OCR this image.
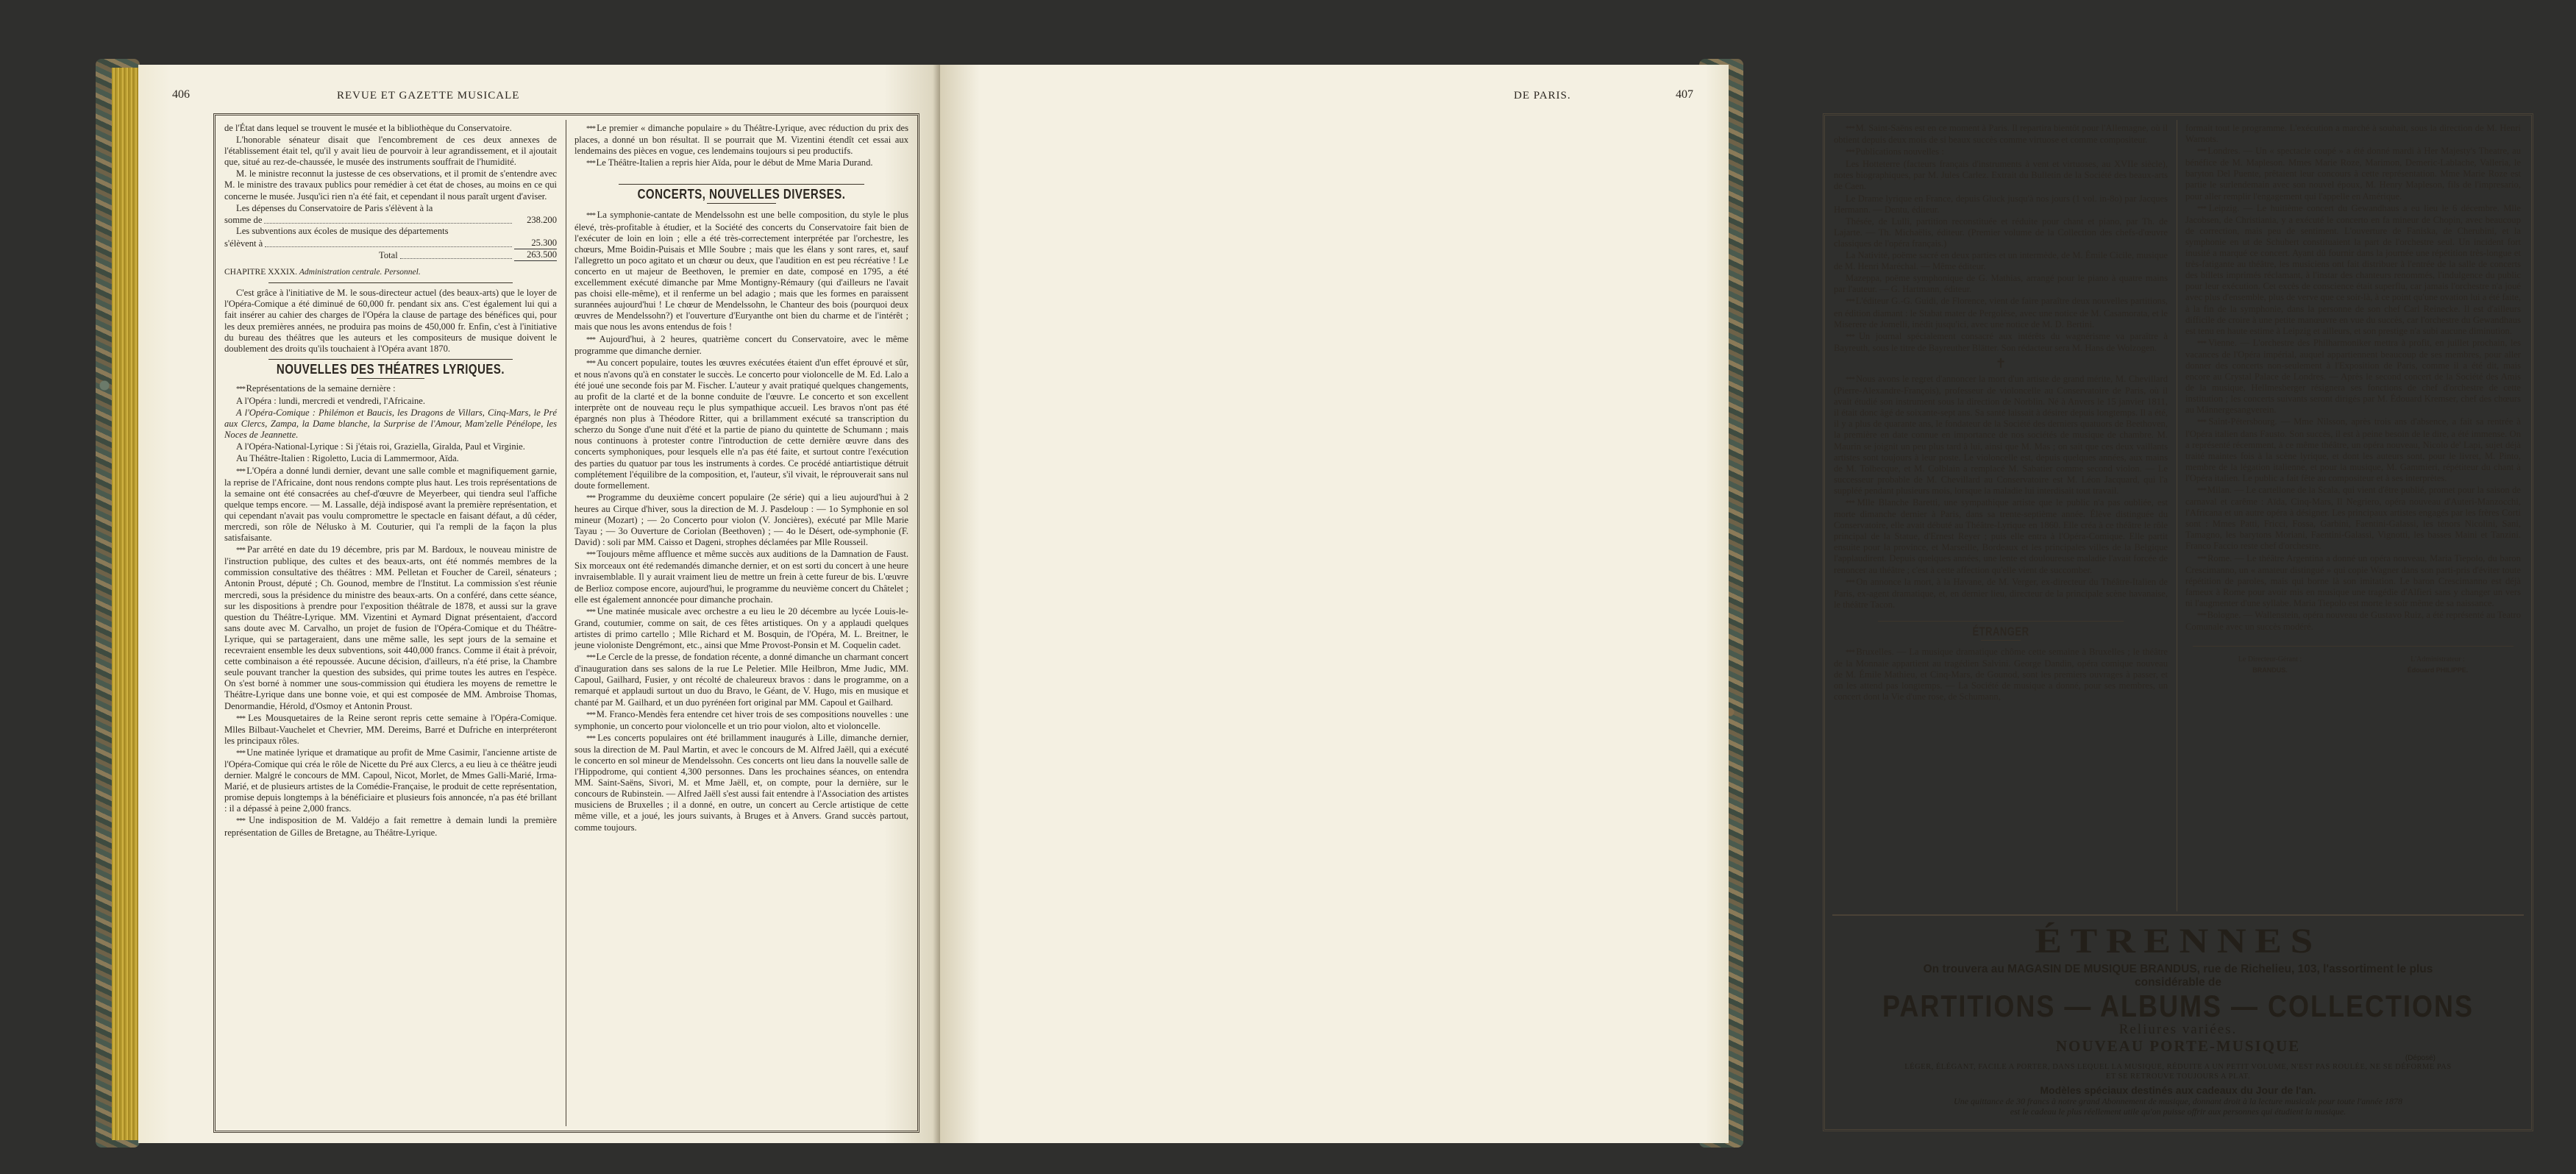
406	REVUE ET GAZETTE MUSICALE

de l'État dans lequel se trouvent le musée et la bibliothèque du Conservatoire.

L'honorable sénateur disait que l'encombrement de ces deux annexes de l'établissement était tel, qu'il y avait lieu de pourvoir à leur agrandissement, et il ajoutait que, situé au rez-de-chaussée, le musée des instruments souffrait de l'humidité.

M. le ministre reconnut la justesse de ces observations, et il promit de s'entendre avec M. le ministre des travaux publics pour remédier à cet état de choses, au moins en ce qui concerne le musée. Jusqu'ici rien n'a été fait, et cependant il nous paraît urgent d'aviser.

Les dépenses du Conservatoire de Paris s'élèvent à la

somme de	238.200

Les subventions aux écoles de musique des départements

s'élèvent à	25.300
Total	263.500

CHAPITRE XXXIX. Administration centrale. Personnel.

C'est grâce à l'initiative de M. le sous-directeur actuel (des beaux-arts) que le loyer de l'Opéra-Comique a été diminué de 60,000 fr. pendant six ans. C'est également lui qui a fait insérer au cahier des charges de l'Opéra la clause de partage des bénéfices qui, pour les deux premières années, ne produira pas moins de 450,000 fr. Enfin, c'est à l'initiative du bureau des théâtres que les auteurs et les compositeurs de musique doivent le doublement des droits qu'ils touchaient à l'Opéra avant 1870.

NOUVELLES DES THÉATRES LYRIQUES.

*** Représentations de la semaine dernière :

A l'Opéra : lundi, mercredi et vendredi, l'Africaine.

A l'Opéra-Comique : Philémon et Baucis, les Dragons de Villars, Cinq-Mars, le Pré aux Clercs, Zampa, la Dame blanche, la Surprise de l'Amour, Mam'zelle Pénélope, les Noces de Jeannette.

A l'Opéra-National-Lyrique : Si j'étais roi, Graziella, Giralda, Paul et Virginie.

Au Théâtre-Italien : Rigoletto, Lucia di Lammermoor, Aïda.

*** L'Opéra a donné lundi dernier, devant une salle comble et magnifiquement garnie, la reprise de l'Africaine, dont nous rendons compte plus haut. Les trois représentations de la semaine ont été consacrées au chef-d'œuvre de Meyerbeer, qui tiendra seul l'affiche quelque temps encore. — M. Lassalle, déjà indisposé avant la première représentation, et qui cependant n'avait pas voulu compromettre le spectacle en faisant défaut, a dû céder, mercredi, son rôle de Nélusko à M. Couturier, qui l'a rempli de la façon la plus satisfaisante.

*** Par arrêté en date du 19 décembre, pris par M. Bardoux, le nouveau ministre de l'instruction publique, des cultes et des beaux-arts, ont été nommés membres de la commission consultative des théâtres : MM. Pelletan et Foucher de Careil, sénateurs ; Antonin Proust, député ; Ch. Gounod, membre de l'Institut. La commission s'est réunie mercredi, sous la présidence du ministre des beaux-arts. On a conféré, dans cette séance, sur les dispositions à prendre pour l'exposition théâtrale de 1878, et aussi sur la grave question du Théâtre-Lyrique. MM. Vizentini et Aymard Dignat présentaient, d'accord sans doute avec M. Carvalho, un projet de fusion de l'Opéra-Comique et du Théâtre-Lyrique, qui se partageraient, dans une même salle, les sept jours de la semaine et recevraient ensemble les deux subventions, soit 440,000 francs. Comme il était à prévoir, cette combinaison a été repoussée. Aucune décision, d'ailleurs, n'a été prise, la Chambre seule pouvant trancher la question des subsides, qui prime toutes les autres en l'espèce. On s'est borné à nommer une sous-commission qui étudiera les moyens de remettre le Théâtre-Lyrique dans une bonne voie, et qui est composée de MM. Ambroise Thomas, Denormandie, Hérold, d'Osmoy et Antonin Proust.

*** Les Mousquetaires de la Reine seront repris cette semaine à l'Opéra-Comique. Mlles Bilbaut-Vauchelet et Chevrier, MM. Dereims, Barré et Dufriche en interpréteront les principaux rôles.

*** Une matinée lyrique et dramatique au profit de Mme Casimir, l'ancienne artiste de l'Opéra-Comique qui créa le rôle de Nicette du Pré aux Clercs, a eu lieu à ce théâtre jeudi dernier. Malgré le concours de MM. Capoul, Nicot, Morlet, de Mmes Galli-Marié, Irma-Marié, et de plusieurs artistes de la Comédie-Française, le produit de cette représentation, promise depuis longtemps à la bénéficiaire et plusieurs fois annoncée, n'a pas été brillant : il a dépassé à peine 2,000 francs.

*** Une indisposition de M. Valdéjo a fait remettre à demain lundi la première représentation de Gilles de Bretagne, au Théâtre-Lyrique.

*** Le premier « dimanche populaire » du Théâtre-Lyrique, avec réduction du prix des places, a donné un bon résultat. Il se pourrait que M. Vizentini étendît cet essai aux lendemains des pièces en vogue, ces lendemains toujours si peu productifs.

*** Le Théâtre-Italien a repris hier Aïda, pour le début de Mme Maria Durand.

CONCERTS, NOUVELLES DIVERSES.

*** La symphonie-cantate de Mendelssohn est une belle composition, du style le plus élevé, très-profitable à étudier, et la Société des concerts du Conservatoire fait bien de l'exécuter de loin en loin ; elle a été très-correctement interprétée par l'orchestre, les chœurs, Mme Boidin-Puisais et Mlle Soubre ; mais que les élans y sont rares, et, sauf l'allegretto un poco agitato et un chœur ou deux, que l'audition en est peu récréative ! Le concerto en ut majeur de Beethoven, le premier en date, composé en 1795, a été excellemment exécuté dimanche par Mme Montigny-Rémaury (qui d'ailleurs ne l'avait pas choisi elle-même), et il renferme un bel adagio ; mais que les formes en paraissent surannées aujourd'hui ! Le chœur de Mendelssohn, le Chanteur des bois (pourquoi deux œuvres de Mendelssohn?) et l'ouverture d'Euryanthe ont bien du charme et de l'intérêt ; mais que nous les avons entendus de fois !

*** Aujourd'hui, à 2 heures, quatrième concert du Conservatoire, avec le même programme que dimanche dernier.

*** Au concert populaire, toutes les œuvres exécutées étaient d'un effet éprouvé et sûr, et nous n'avons qu'à en constater le succès. Le concerto pour violoncelle de M. Ed. Lalo a été joué une seconde fois par M. Fischer. L'auteur y avait pratiqué quelques changements, au profit de la clarté et de la bonne conduite de l'œuvre. Le concerto et son excellent interprète ont de nouveau reçu le plus sympathique accueil. Les bravos n'ont pas été épargnés non plus à Théodore Ritter, qui a brillamment exécuté sa transcription du scherzo du Songe d'une nuit d'été et la partie de piano du quintette de Schumann ; mais nous continuons à protester contre l'introduction de cette dernière œuvre dans des concerts symphoniques, pour lesquels elle n'a pas été faite, et surtout contre l'exécution des parties du quatuor par tous les instruments à cordes. Ce procédé antiartistique détruit complétement l'équilibre de la composition, et, l'auteur, s'il vivait, le réprouverait sans nul doute formellement.

*** Programme du deuxième concert populaire (2e série) qui a lieu aujourd'hui à 2 heures au Cirque d'hiver, sous la direction de M. J. Pasdeloup : — 1o Symphonie en sol mineur (Mozart) ; — 2o Concerto pour violon (V. Joncières), exécuté par Mlle Marie Tayau ; — 3o Ouverture de Coriolan (Beethoven) ; — 4o le Désert, ode-symphonie (F. David) : soli par MM. Caisso et Dageni, strophes déclamées par Mlle Rousseil.

*** Toujours même affluence et même succès aux auditions de la Damnation de Faust. Six morceaux ont été redemandés dimanche dernier, et on est sorti du concert à une heure invraisemblable. Il y aurait vraiment lieu de mettre un frein à cette fureur de bis. L'œuvre de Berlioz compose encore, aujourd'hui, le programme du neuvième concert du Châtelet ; elle est également annoncée pour dimanche prochain.

*** Une matinée musicale avec orchestre a eu lieu le 20 décembre au lycée Louis-le-Grand, coutumier, comme on sait, de ces fêtes artistiques. On y a applaudi quelques artistes di primo cartello ; Mlle Richard et M. Bosquin, de l'Opéra, M. L. Breitner, le jeune violoniste Dengrémont, etc., ainsi que Mme Provost-Ponsin et M. Coquelin cadet.

*** Le Cercle de la presse, de fondation récente, a donné dimanche un charmant concert d'inauguration dans ses salons de la rue Le Peletier. Mlle Heilbron, Mme Judic, MM. Capoul, Gailhard, Fusier, y ont récolté de chaleureux bravos : dans le programme, on a remarqué et applaudi surtout un duo du Bravo, le Géant, de V. Hugo, mis en musique et chanté par M. Gailhard, et un duo pyrénéen fort original par MM. Capoul et Gailhard.

*** M. Franco-Mendès fera entendre cet hiver trois de ses compositions nouvelles : une symphonie, un concerto pour violoncelle et un trio pour violon, alto et violoncelle.

*** Les concerts populaires ont été brillamment inaugurés à Lille, dimanche dernier, sous la direction de M. Paul Martin, et avec le concours de M. Alfred Jaëll, qui a exécuté le concerto en sol mineur de Mendelssohn. Ces concerts ont lieu dans la nouvelle salle de l'Hippodrome, qui contient 4,300 personnes. Dans les prochaines séances, on entendra MM. Saint-Saëns, Sivori, M. et Mme Jaëll, et, on compte, pour la dernière, sur le concours de Rubinstein. — Alfred Jaëll s'est aussi fait entendre à l'Association des artistes musiciens de Bruxelles ; il a donné, en outre, un concert au Cercle artistique de cette même ville, et a joué, les jours suivants, à Bruges et à Anvers. Grand succès partout, comme toujours.

DE PARIS.	407

*** M. Saint-Saëns est en ce moment à Paris. Il repartira bientôt pour l'Allemagne, où il obtient depuis deux mois de si beaux succès comme virtuose et comme compositeur.

*** Publications nouvelles :

Les Hotteterre (facteurs français d'instruments à vent et virtuoses, au XVIIe siècle), notes biographiques, par M. Jules Carlez. Extrait du Bulletin de la Société des beaux-arts de Caen.

Le Drame lyrique en France, depuis Gluck jusqu'à nos jours (1 vol. in-8o) par Jacques Hermann. — Dentu, éditeur.

Thésée, de Lulli, partition reconstituée et réduite pour chant et piano, par Th. de Lajarte. — Th. Michaëlis, éditeur. (Premier volume de la Collection des chefs-d'œuvre classiques de l'opéra français.)

La Nativité, poëme sacré en deux parties et un intermède, de M. Émile Cicile, musique de M. Henri Maréchal. — Même éditeur.

Mazeppa, poëme symphonique de G. Mathias, arrangé pour le piano à quatre mains par l'auteur. — G. Hartmann, éditeur.

*** L'éditeur G.-G. Guidi, de Florence, vient de faire paraître deux nouvelles partitions, en édition diamant : le Stabat mater de Pergolèse, avec une notice de M. Casamorata, et le Miserere de Jomelli, inédit jusqu'ici, avec une notice de M. D. Bertini.

*** Un journal spécialement consacré aux intérêts du wagnérisme va paraître à Bayreuth, sous le titre de Bayreuther Blätter. Son rédacteur sera M. Hans de Wolzogen.

✝

*** Nous avons le regret d'annoncer la mort d'un artiste de grand mérite, M. Chevillard (Pierre-Alexandre-François), professeur de violoncelle au Conservatoire de Paris, où il avait étudié son instrument sous la direction de Norblin. Né à Anvers le 15 janvier 1811, il était donc âgé de soixante-sept ans. Sa santé laissait à désirer depuis longtemps. Il a été, il y a plus de quarante ans, le fondateur de la Société des derniers quatuors de Beethoven, la première en date connue en importance de nos sociétés de musique de chambre. M. Maurin se joignit un peu plus tard à lui, ainsi que M. Mas ; on sait que ces deux vaillants artistes sont toujours à leur poste. Le violoncelle est, depuis quelques années, aux mains de M. Tolbecque, et M. Colblain a remplacé M. Sabatier comme second violon. — Le successeur probable de M. Chevillard au Conservatoire est M. Léon Jacquard, qui l'a suppléé pendant plusieurs mois, lorsque la maladie lui interdisait tout travail.

*** Mlle Blanche Baretti, une sympathique artiste que le public n'a pas oubliée, est morte dimanche dernier à Paris, dans sa trente-septième année. Élève distinguée du Conservatoire, elle avait débuté au Théâtre-Lyrique en 1860. Elle créa à ce théâtre le rôle principal de la Statue, d'Ernest Reyer ; puis elle entra à l'Opéra-Comique. Elle partit ensuite pour la province, et Marseille, Bordeaux et les principales villes de la Belgique l'applaudirent. Depuis quelques années, une lente et douloureuse maladie l'avait forcée de renoncer au théâtre ; c'est à cette affection qu'elle vient de succomber.

*** On annonce la mort, à la Havane, de M. Verger, ex-directeur du Théâtre-Italien de Paris, ex-agent dramatique, et, en dernier lieu, directeur de la principale scène havanaise, le théâtre Tacon.

ÉTRANGER

*** Bruxelles. — La musique dramatique chôme cette semaine à Bruxelles ; le théâtre de la Monnaie appartient au tragédien Salvini. George Dandin, opéra comique nouveau de M. Émile Mathieu, et Cinq-Mars, de Gounod, sont les premiers ouvrages à passer, et on les attend pas longtemps. — La Société de musique a donné, pour ses membres, un concert dont la Vie d'une rose, de Schumann,

formait tout le programme. L'exécution a marché à souhait, sous la direction de M. Henri Warnots.

*** Londres. — Un « spectacle coupé » a été donné mardi à Her Majesty's Theatre, au bénéfice de M. Mapleson. Mmes Marie Roze, Marimon, Demeric-Lablache, Valleria, le baryton Del Puente, prêtaient leur concours à cette représentation. Mme Marie Roze est partie le surlendemain avec son nouvel époux, M. Henry Mapleson, fils de l'impresario, pour aller remplir l'engagement qui l'appelle en Amérique.

*** Leipzig. — Le huitième concert du Gewandhaus a eu lieu le 6 décembre. Mlle Jacobsen, de Christiania, y a exécuté le concerto en fa mineur de Chopin, avec beaucoup de correction, mais peu de sentiment. L'ouverture de Faniska, de Cherubini, et la symphonie en ut de Schubert constituaient la part de l'orchestre seul. Un incident fort inusité a marqué ce concert. Ayant dû fournir dans la journée une répétition très-longue et très-fatigante au théâtre, les musiciens ont fait distribuer à l'entrée de la salle de concerts des billets imprimés réclamant, à l'instar des chanteurs renommés, l'indulgence du public pour leur exécution. Cet excès de conscience était superflu, car jamais l'orchestre n'a joué avec plus d'ensemble, plus de verve que ce soir-là, à ce point qu'une ovation lui a été faite, à la fin de la symphonie, dans la personne de son chef Carl Reinecke. Il est d'ailleurs difficile de croire à une petite manœuvre en vue du succès, car l'orchestre du Gewandhaus est tenu en haute estime à Leipzig et ailleurs, et son prestige n'a subi aucune diminution.

*** Vienne. — L'orchestre des Philharmoniker mettra à profit, en juillet prochain, les vacances de l'Opéra impérial, auquel appartiennent beaucoup de ses membres, pour aller donner des concerts non-seulement à l'Exposition de Paris, comme il a été dit, mais encore au Crystal Palace de Londres. — Après le second concert de la Société des Amis de la musique, Hellmesberger résignera ses fonctions de chef d'orchestre de cette institution ; les concerts suivants seront dirigés par M. Édouard Kremser, chef des chœurs au Männergesangverein.

*** Saint-Pétersbourg. — Mme Nilsson, après trois ans d'absence, a fait sa rentrée à l'Opéra italien dans Fausto. Son succès, il est à peine besoin de le dire, a été immense. On a représenté récemment, à ce même théâtre, un opéra nouveau, Nicolo de' Lapi, sujet déjà traité maintes fois à la scène lyrique, et dont les auteurs sont, pour le livret, M. Pinto, membre de la légation italienne, et pour la musique, M. Gammieri, répétiteur du chant à l'Opéra italien. Le public a fait fête au compositeur et à ses interprètes.

*** Milan. — Le cartellone de la Scala, qui vient d'être publié, promet pour la saison de carnaval et carême : Aïda, Cinq-Mars, Il Negriero, opéra nouveau d'Auteri-Manzocchi, l'Africana et un autre opéra à désigner. Les principaux artistes engagés par les frères Corti sont : Mmes Patti, Fricci, Fossa, Garbini, Faentini-Galassi, les ténors Nicolini, Sani, Tamagno, les barytons Moriani, Faentini-Galassi, Vignotti, les basses Maini et Tanzini. Franco Faccio reste chef d'orchestre.

*** Rome. — Le théâtre Argentina a donné un opéra nouveau, Maria Tiepolo, du baron Crescimanno, un « amateur distingué » qui copie Wagner dans son parti-pris d'éviter toute répétition de paroles, mais qui borne là son imitation. Le baron Crescimanno est déjà fameux à Rome pour avoir mis en musique une tragédie d'Alfieri sans y changer un vers ni l'augmenter d'une syllabe. Maria Tiepolo est morte le soir même de sa naissance.

*** Bologne. — Wallenstein, opéra nouveau de Gustavo Ruiz, a été représenté au Teatro Comunale avec un succès modéré.

Le Directeur-Gérant :
BRANDUS.
L'Administrateur :
Édouard PHILIPPE.
ÉTRENNES
On trouvera au MAGASIN DE MUSIQUE BRANDUS, rue de Richelieu, 103, l'assortiment le plus
considérable de
PARTITIONS — ALBUMS — COLLECTIONS
Reliures variées.
NOUVEAU PORTE-MUSIQUE
(Déposé)
LÉGER, ÉLÉGANT, FACILE A PORTER, DANS LEQUEL LA MUSIQUE, RÉDUITE A UN PETIT VOLUME, N'EST PAS ROULÉE, NE SE DÉFORME PAS
ET SE RETROUVE TOUJOURS A PLAT.
Modèles spéciaux destinés aux cadeaux du Jour de l'an.
Une quittance de 30 francs à notre grand Abonnement de musique, donnant droit à la lecture musicale pour toute l'année 1878
est le cadeau le plus réellement utile qu'on puisse offrir aux personnes qui étudient la musique.
